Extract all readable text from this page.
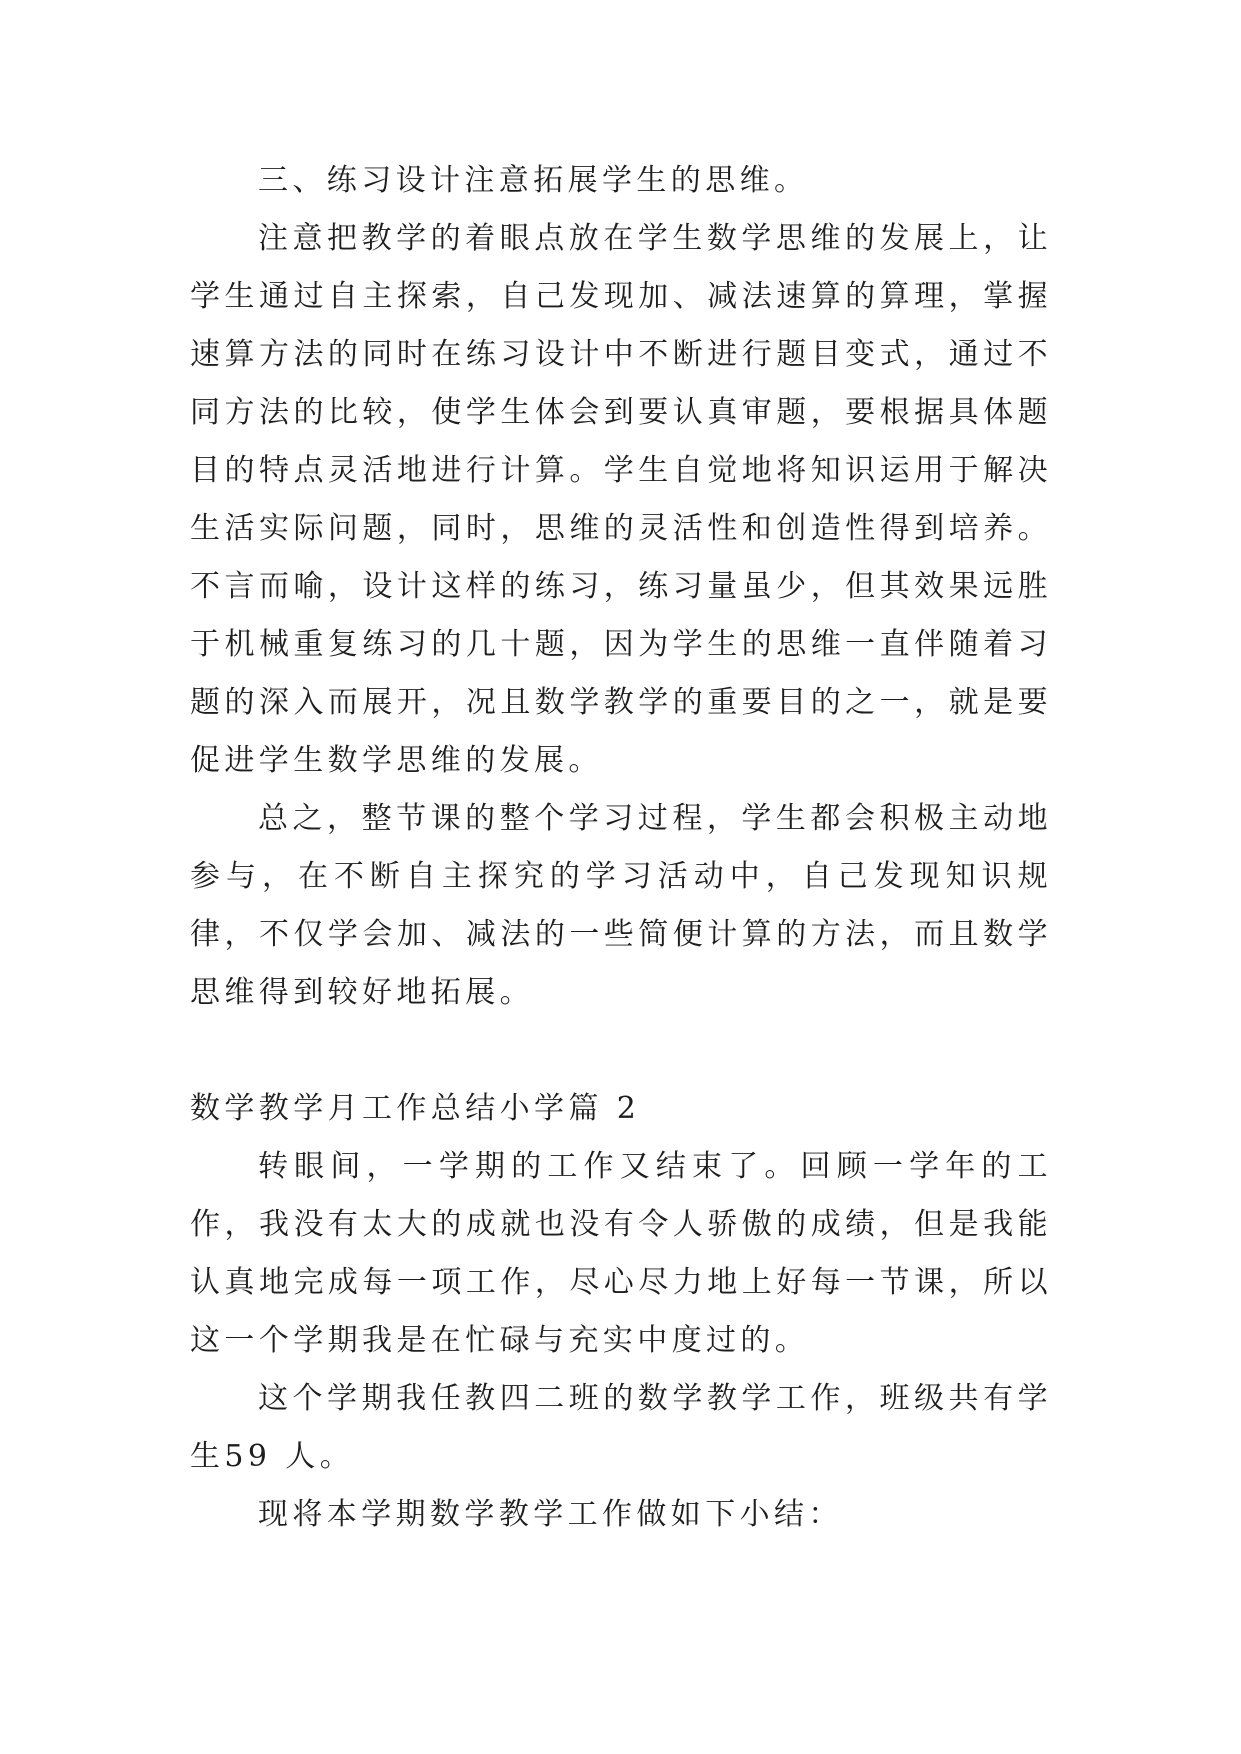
三、练习设计注意拓展学生的思维。

注意把教学的着眼点放在学生数学思维的发展上，让学生通过自主探索，自己发现加、减法速算的算理，掌握速算方法的同时在练习设计中不断进行题目变式，通过不同方法的比较，使学生体会到要认真审题，要根据具体题目的特点灵活地进行计算。学生自觉地将知识运用于解决生活实际问题，同时，思维的灵活性和创造性得到培养。不言而喻，设计这样的练习，练习量虽少，但其效果远胜于机械重复练习的几十题，因为学生的思维一直伴随着习题的深入而展开，况且数学教学的重要目的之一，就是要促进学生数学思维的发展。

总之，整节课的整个学习过程，学生都会积极主动地参与，在不断自主探究的学习活动中，自己发现知识规律，不仅学会加、减法的一些简便计算的方法，而且数学思维得到较好地拓展。

数学教学月工作总结小学篇 2

转眼间，一学期的工作又结束了。回顾一学年的工作，我没有太大的成就也没有令人骄傲的成绩，但是我能认真地完成每一项工作，尽心尽力地上好每一节课，所以这一个学期我是在忙碌与充实中度过的。

这个学期我任教四二班的数学教学工作，班级共有学生59 人。

现将本学期数学教学工作做如下小结：
